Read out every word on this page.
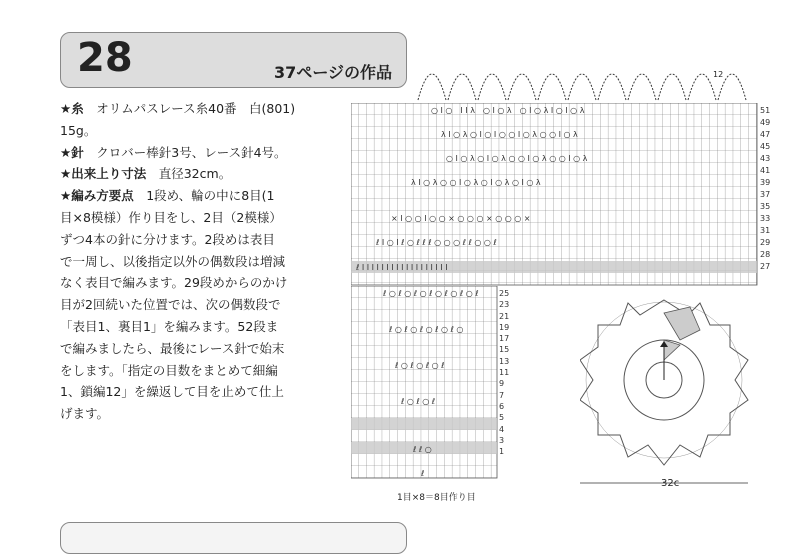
28	37ページの作品

★糸　 オリムパスレース糸40番　白(801)

15g。

★針　 クロバー棒針3号、レース針4号。

★出来上り寸法　 直径32cm。

★編み方要点　 1段め、輪の中に8目(1

目×8模様）作り目をし、2目（2模様）

ずつ4本の針に分けます。2段めは表目

で一周し、以後指定以外の偶数段は増減

なく表目で編みます。29段めからのかけ

目が2回続いた位置では、次の偶数段で

「表目1、裏目1」を編みます。52段ま

で編みましたら、最後にレース針で始末

をします。「指定の目数をまとめて細編

1、鎖編12」を繰返して目を止めて仕上

げます。

12
○ I ○　I I λ　○ I ○ λ　○ I ○ λ I ○ I ○ λ
λ I ○ λ ○ I ○ I ○ ○ I ○ λ ○ ○ I ○ λ
○ I ○ λ ○ I ○ λ ○ ○ I ○ λ ○ ○ I ○ λ
λ I ○ λ ○ ○ I ○ λ ○ I ○ λ ○ I ○ λ
× I ○ ○ I ○ ○ × ○ ○ ○ × ○ ○ ○ ×
ℓ I ○ I ℓ ○ ℓ ℓ ℓ ○ ○ ○ ℓ ℓ ○ ○ ℓ
ℓ I I I I I I I I I I I I I I I I I I
51
49
47
45
43
41
39
37
35
33
31
29
28
27
ℓ ○ ℓ ○ ℓ ○ ℓ ○ ℓ ○ ℓ ○ ℓ
ℓ ○ ℓ ○ ℓ ○ ℓ ○ ℓ ○
ℓ ○ ℓ ○ ℓ ○ ℓ
ℓ ○ ℓ ○ ℓ
ℓ ℓ ○
ℓ
25
23
21
19
17
15
13
11
9
7
6
5
4
3
1
1目×8＝8目作り目
32c
